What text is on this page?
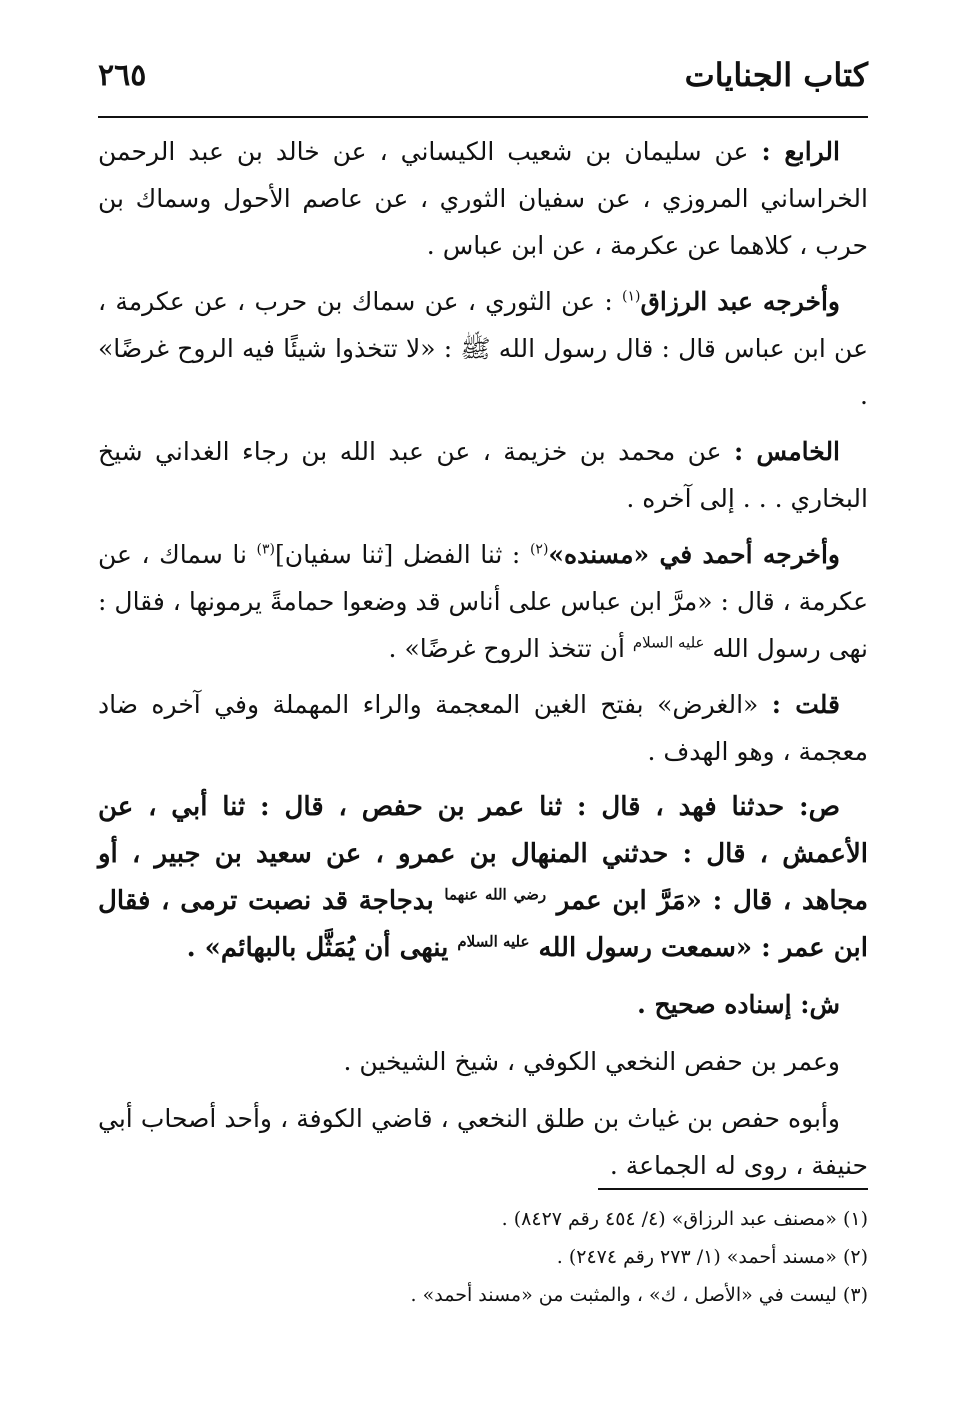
كتاب الجنايات
٢٦٥

الرابع : عن سليمان بن شعيب الكيساني ، عن خالد بن عبد الرحمن الخراساني المروزي ، عن سفيان الثوري ، عن عاصم الأحول وسماك بن حرب ، كلاهما عن عكرمة ، عن ابن عباس .

وأخرجه عبد الرزاق$^{(١)}$ : عن الثوري ، عن سماك بن حرب ، عن عكرمة ، عن ابن عباس قال : قال رسول الله ﷺ : «لا تتخذوا شيئًا فيه الروح غرضًا» .

الخامس : عن محمد بن خزيمة ، عن عبد الله بن رجاء الغداني شيخ البخاري . . . إلى آخره .

وأخرجه أحمد في «مسنده»$^{(٢)}$ : ثنا الفضل [ثنا سفيان]$^{(٣)}$ نا سماك ، عن عكرمة ، قال : «مرَّ ابن عباس على أناس قد وضعوا حمامةً يرمونها ، فقال : نهى رسول الله $^{عليه السلام}$ أن تتخذ الروح غرضًا» .

قلت : «الغرض» بفتح الغين المعجمة والراء المهملة وفي آخره ضاد معجمة ، وهو الهدف .

ص: حدثنا فهد ، قال : ثنا عمر بن حفص ، قال : ثنا أبي ، عن الأعمش ، قال : حدثني المنهال بن عمرو ، عن سعيد بن جبير ، أو مجاهد ، قال : «مَرَّ ابن عمر $^{رضي الله عنهما}$ بدجاجة قد نصبت ترمى ، فقال ابن عمر : «سمعت رسول الله $^{عليه السلام}$ ينهى أن يُمَثَّل بالبهائم» .

ش: إسناده صحيح .

وعمر بن حفص النخعي الكوفي ، شيخ الشيخين .

وأبوه حفص بن غياث بن طلق النخعي ، قاضي الكوفة ، وأحد أصحاب أبي حنيفة ، روى له الجماعة .

(١) «مصنف عبد الرزاق» (٤/ ٤٥٤ رقم ٨٤٢٧) .
(٢) «مسند أحمد» (١/ ٢٧٣ رقم ٢٤٧٤) .
(٣) ليست في «الأصل ، ك» ، والمثبت من «مسند أحمد» .
